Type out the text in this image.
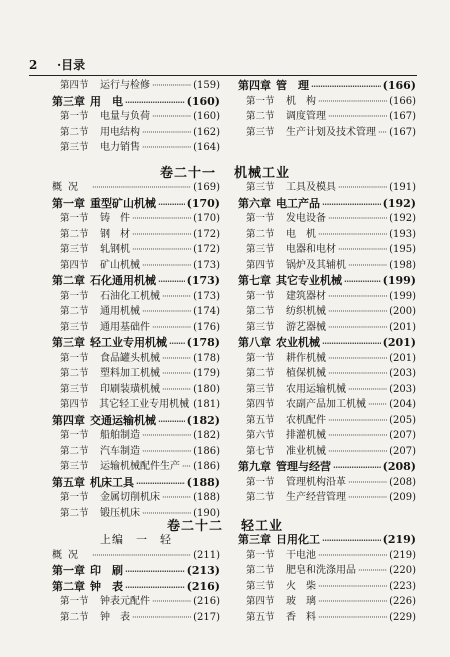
2 ·目录
第四节 运行与检修 ·····	(159)
第三章 用　电 ·····	(160)
第一节 电量与负荷 ·····	(160)
第二节 用电结构 ·····	(162)
第三节 电力销售 ·····	(164)
第四章 管　理 ·····	(166)
第一节 机　构 ·····	(166)
第二节 调度管理 ·····	(167)
第三节 生产计划及技术管理 ····· (167)
卷二十一 机械工业
概况 ·····	(169)
第一章 重型矿山机械 ·····	(170)
第一节 铸　件 ·····	(170)
第二节 钢　材 ·····	(172)
第三节 轧钢机 ·····	(172)
第四节 矿山机械 ·····	(173)
第二章 石化通用机械 ·····	(173)
第一节 石油化工机械 ·····	(173)
第二节 通用机械 ·····	(174)
第三节 通用基础件 ·····	(176)
第三章 轻工业专用机械 ····· (178)
第一节 食品罐头机械 ·····	(178)
第二节 塑料加工机械 ·····	(179)
第三节 印刷装璜机械 ·····	(180)
第四节 其它轻工业专用机械 (181)
第四章 交通运输机械 ·····	(182)
第一节 船舶制造 ·····	(182)
第二节 汽车制造 ·····	(186)
第三节 运输机械配件生产 ····· (186)
第五章 机床工具 ·····	(188)
第一节 金属切削机床 ·····	(188)
第二节 锻压机床 ·····	(190)
第三节 工具及模具 ·····	(191)
第六章 电工产品 ·····	(192)
第一节 发电设备 ·····	(192)
第二节 电　机 ·····	(193)
第三节 电器和电材 ·····	(195)
第四节 锅炉及其辅机 ·····	(198)
第七章 其它专业机械 ·····	(199)
第一节 建筑器材 ·····	(199)
第二节 纺织机械 ·····	(200)
第三节 游艺器械 ·····	(201)
第八章 农业机械 ·····	(201)
第一节 耕作机械 ·····	(201)
第二节 植保机械 ·····	(203)
第三节 农用运输机械 ·····	(203)
第四节 农副产品加工机械 ····· (204)
第五节 农机配件 ·····	(205)
第六节 排灌机械 ·····	(207)
第七节 准业机械 ·····	(207)
第九章 管理与经营 ·····	(208)
第一节 管理机构沿革 ·····	(208)
第二节 生产经营管理 ·····	(209)
卷二十二 轻工业
上编　一　轻
概况 ·····	(211)
第一章 印　刷 ·····	(213)
第二章 钟　表 ·····	(216)
第一节 钟表元配件 ·····	(216)
第二节 钟　表 ·····	(217)
第三章 日用化工 ·····	(219)
第一节 干电池 ·····	(219)
第二节 肥皂和洗涤用品 ·····	(220)
第三节 火　柴 ·····	(223)
第四节 玻　璃 ·····	(226)
第五节 香　料 ·····	(229)
